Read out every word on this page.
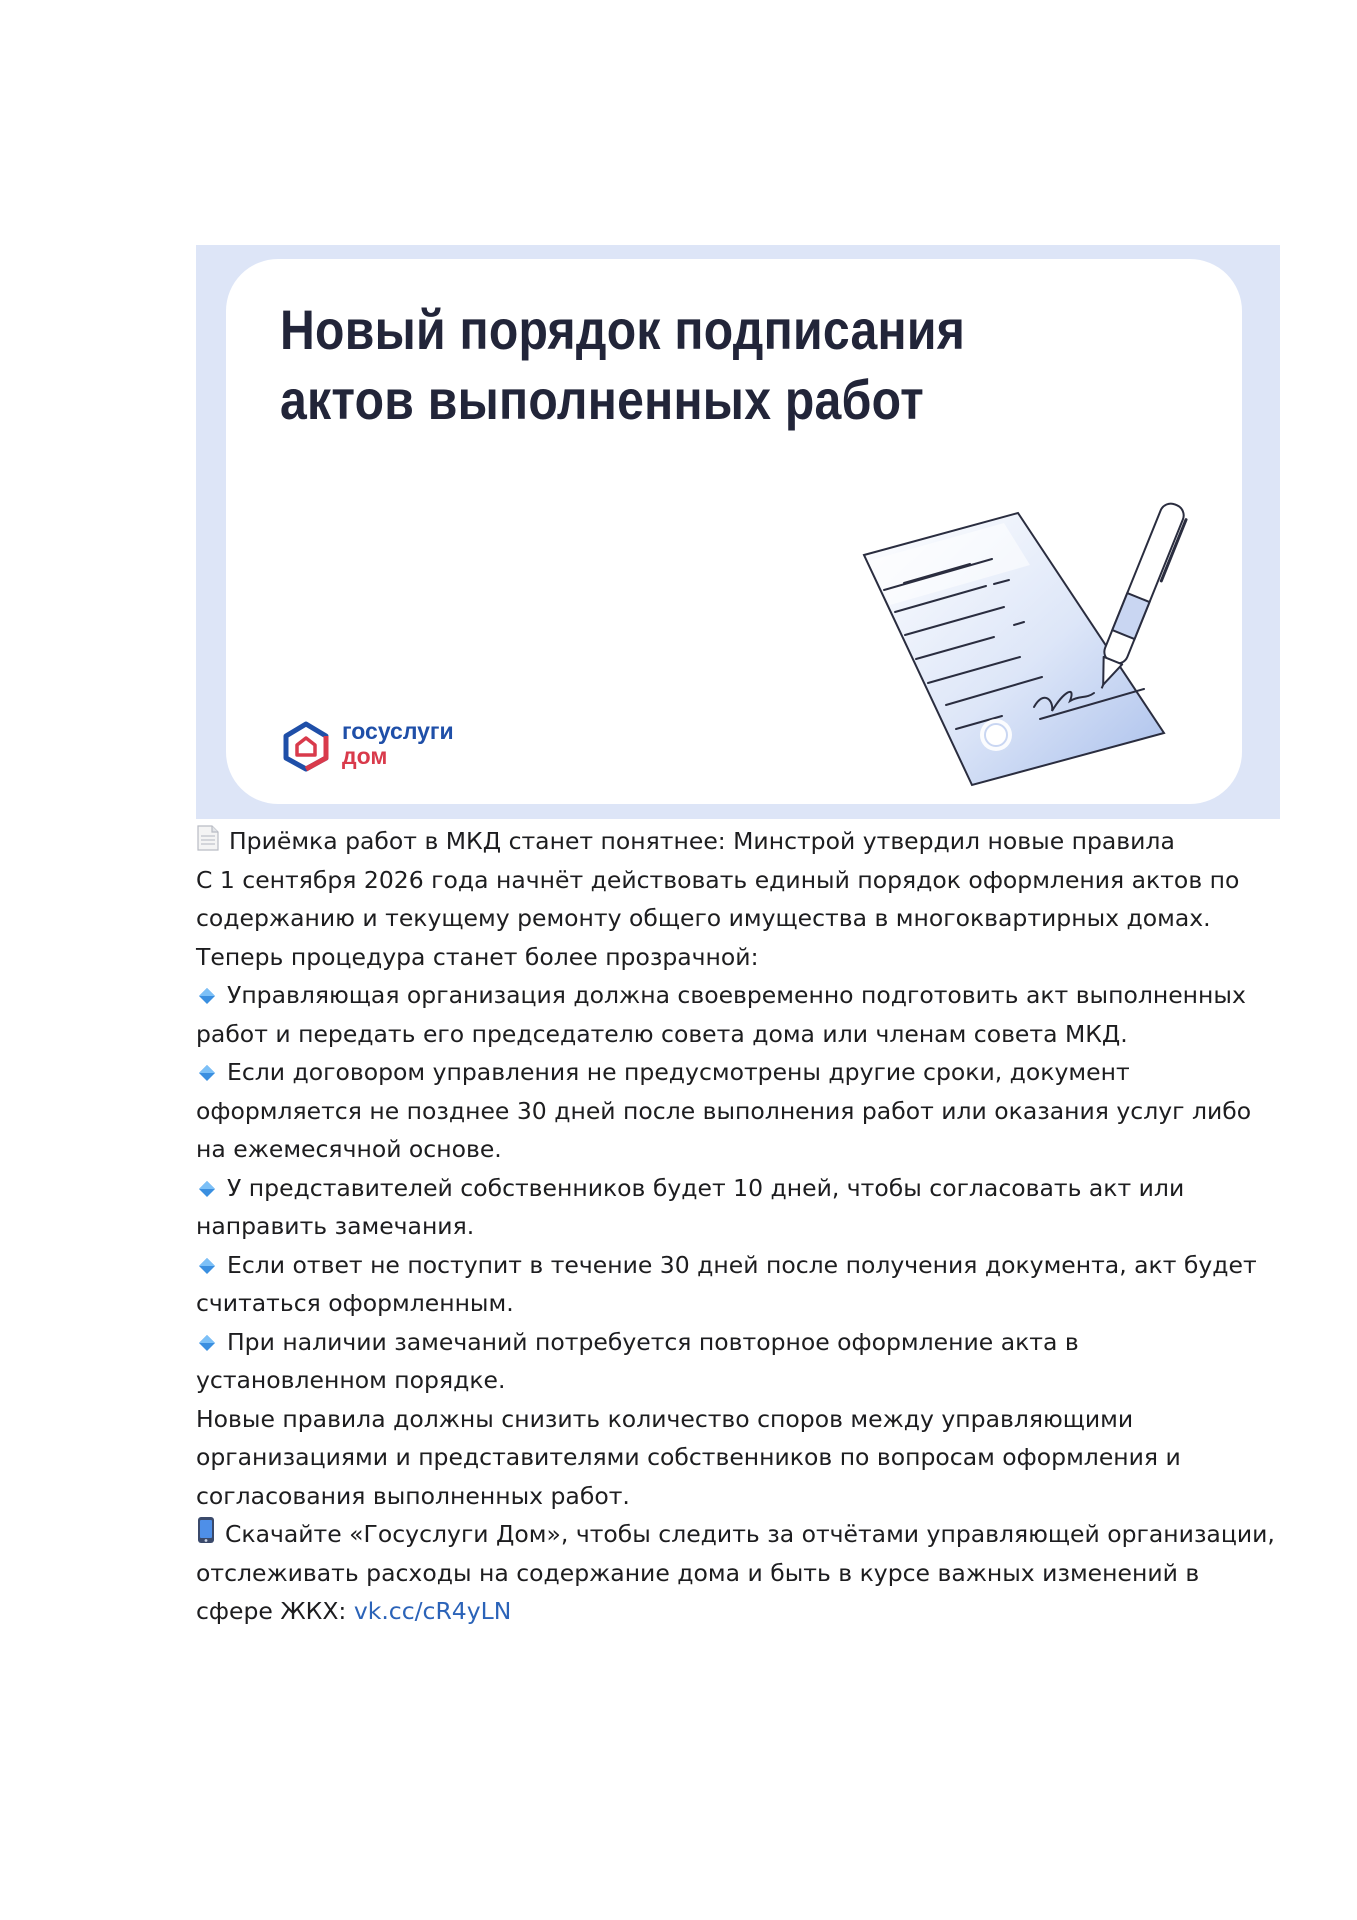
Новый порядок подписания
актов выполненных работ
госуслуги
дом

Приёмка работ в МКД станет понятнее: Минстрой утвердил новые правила

С 1 сентября 2026 года начнёт действовать единый порядок оформления актов по содержанию и текущему ремонту общего имущества в многоквартирных домах.

Теперь процедура станет более прозрачной:

Управляющая организация должна своевременно подготовить акт выполненных работ и передать его председателю совета дома или членам совета МКД.

Если договором управления не предусмотрены другие сроки, документ оформляется не позднее 30 дней после выполнения работ или оказания услуг либо на ежемесячной основе.

У представителей собственников будет 10 дней, чтобы согласовать акт или направить замечания.

Если ответ не поступит в течение 30 дней после получения документа, акт будет считаться оформленным.

При наличии замечаний потребуется повторное оформление акта в установленном порядке.

Новые правила должны снизить количество споров между управляющими организациями и представителями собственников по вопросам оформления и согласования выполненных работ.

Скачайте «Госуслуги Дом», чтобы следить за отчётами управляющей организации, отслеживать расходы на содержание дома и быть в курсе важных изменений в сфере ЖКХ: vk.cc/cR4yLN
